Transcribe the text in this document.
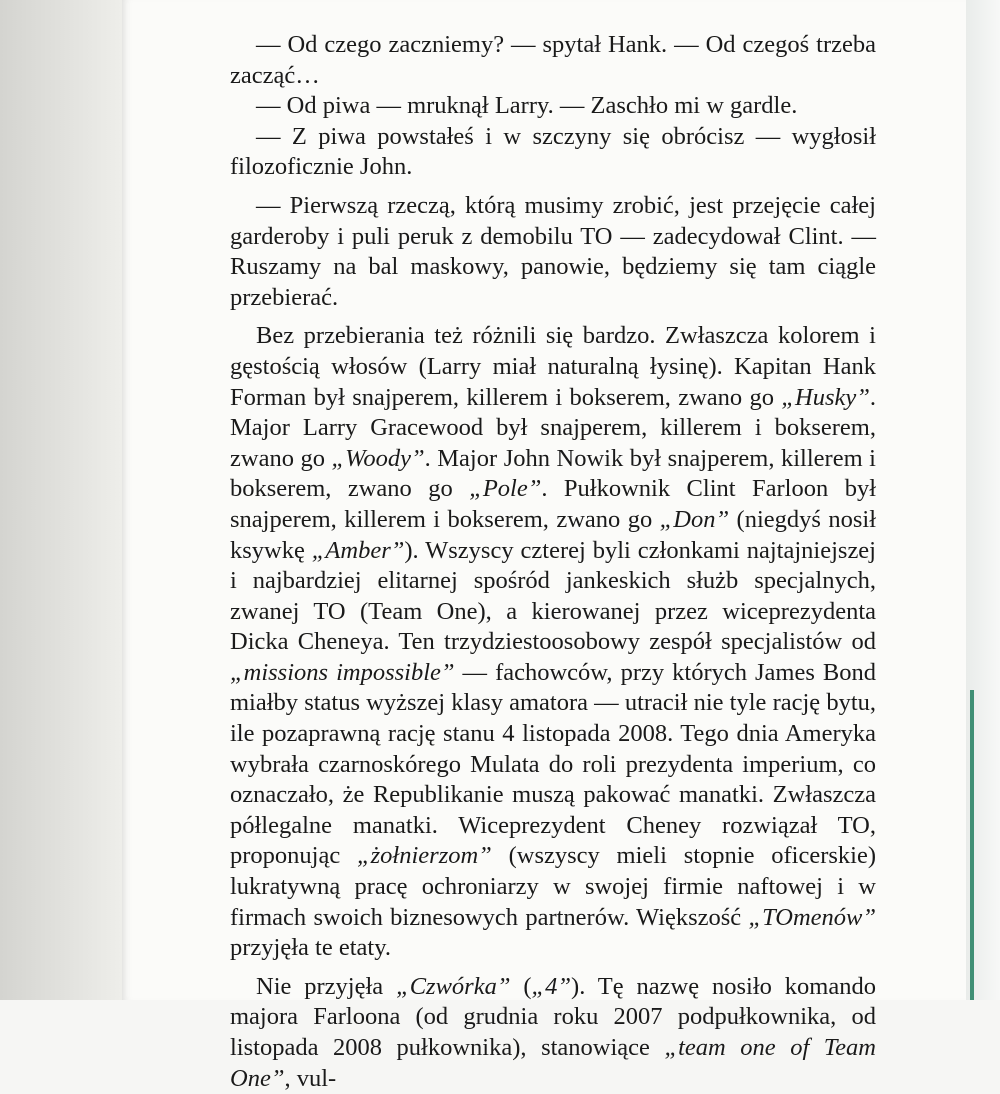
— Od czego zaczniemy? — spytał Hank. — Od czegoś trzeba zacząć…

— Od piwa — mruknął Larry. — Zaschło mi w gardle.

— Z piwa powstałeś i w szczyny się obrócisz — wygłosił filozoficznie John.

— Pierwszą rzeczą, którą musimy zrobić, jest przejęcie całej garderoby i puli peruk z demobilu TO — zadecydował Clint. — Ruszamy na bal maskowy, panowie, będziemy się tam ciągle przebierać.

Bez przebierania też różnili się bardzo. Zwłaszcza kolorem i gęstością włosów (Larry miał naturalną łysinę). Kapitan Hank Forman był snajperem, killerem i bokserem, zwano go „Husky”. Major Larry Gracewood był snajperem, killerem i bokserem, zwano go „Woody”. Major John Nowik był snajperem, killerem i bokserem, zwano go „Pole”. Pułkownik Clint Farloon był snajperem, killerem i bokserem, zwano go „Don” (niegdyś nosił ksywkę „Amber”). Wszyscy czterej byli członkami najtajniejszej i najbardziej elitarnej spośród jankeskich służb specjalnych, zwanej TO (Team One), a kierowanej przez wiceprezydenta Dicka Cheneya. Ten trzydziestoosobowy zespół specjalistów od „missions impossible” — fachowców, przy których James Bond miałby status wyższej klasy amatora — utracił nie tyle rację bytu, ile pozaprawną rację stanu 4 listopada 2008. Tego dnia Ameryka wybrała czarnoskórego Mulata do roli prezydenta imperium, co oznaczało, że Republikanie muszą pakować manatki. Zwłaszcza półlegalne manatki. Wiceprezydent Cheney rozwiązał TO, proponując „żołnierzom” (wszyscy mieli stopnie oficerskie) lukratywną pracę ochroniarzy w swojej firmie naftowej i w firmach swoich biznesowych partnerów. Większość „TOmenów” przyjęła te etaty.

Nie przyjęła „Czwórka” („4”). Tę nazwę nosiło komando majora Farloona (od grudnia roku 2007 podpułkownika, od listopada 2008 pułkownika), stanowiące „team one of Team One”, vul-
